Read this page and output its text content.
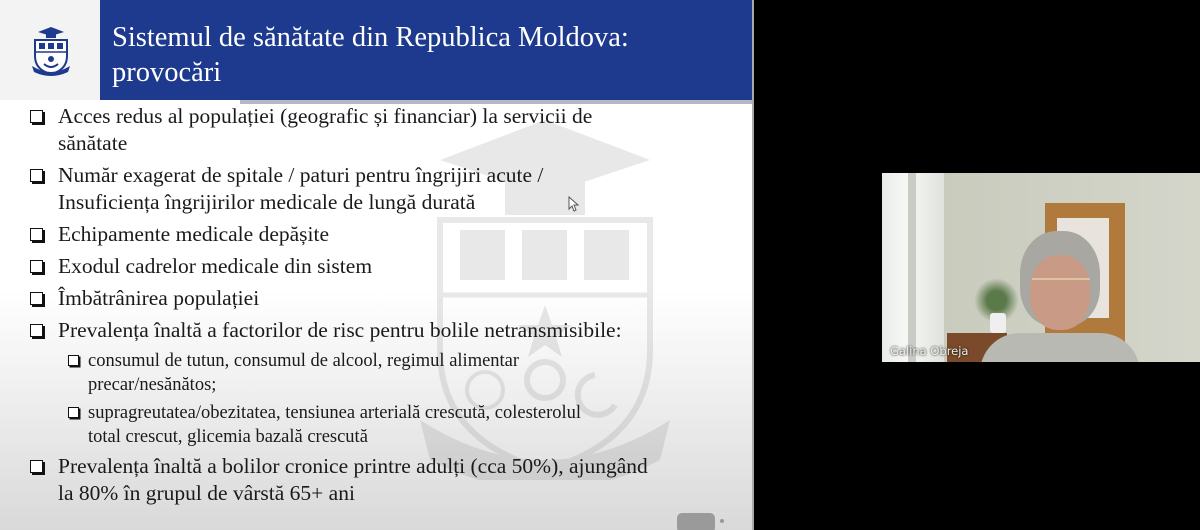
Sistemul de sănătate din Republica Moldova:
provocări
Acces redus al populației (geografic și financiar) la servicii de
sănătate
Număr exagerat de spitale / paturi pentru îngrijiri acute /
Insuficiența îngrijirilor medicale de lungă durată
Echipamente medicale depășite
Exodul cadrelor medicale din sistem
Îmbătrânirea populației
Prevalența înaltă a factorilor de risc pentru bolile netransmisibile:
consumul de tutun, consumul de alcool, regimul alimentar
precar/nesănătos;
supragreutatea/obezitatea, tensiunea arterială crescută, colesterolul
total crescut, glicemia bazală crescută
Prevalența înaltă a bolilor cronice printre adulți (cca 50%), ajungând
la 80% în grupul de vârstă 65+ ani
Galina Obreja
